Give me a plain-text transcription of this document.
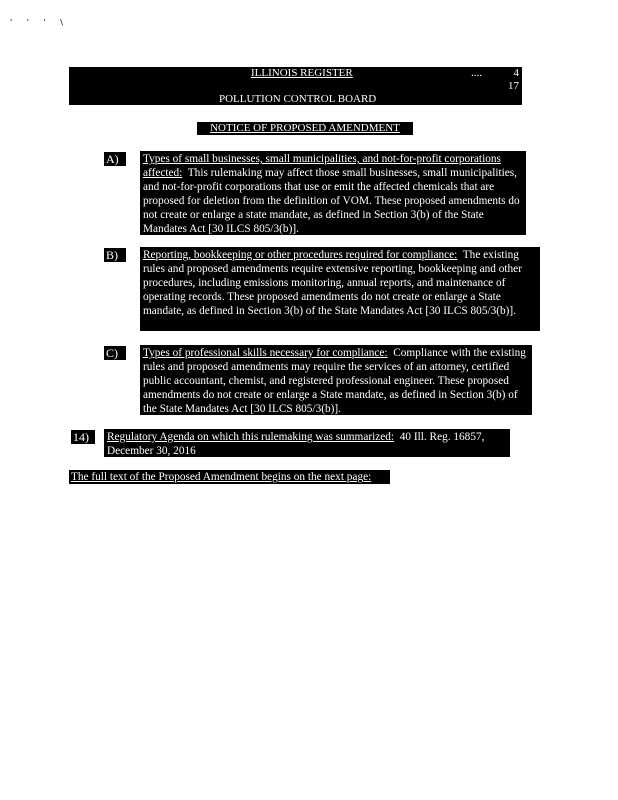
' ' ' \
ILLINOIS REGISTER	....	4
17
POLLUTION CONTROL BOARD
NOTICE OF PROPOSED AMENDMENT
A)	Types of small businesses, small municipalities, and not-for-profit corporations affected: This rulemaking may affect those small businesses, small municipalities, and not-for-profit corporations that use or emit the affected chemicals that are proposed for deletion from the definition of VOM. These proposed amendments do not create or enlarge a state mandate, as defined in Section 3(b) of the State Mandates Act [30 ILCS 805/3(b)].
B)	Reporting, bookkeeping or other procedures required for compliance: The existing rules and proposed amendments require extensive reporting, bookkeeping and other procedures, including emissions monitoring, annual reports, and maintenance of operating records. These proposed amendments do not create or enlarge a State mandate, as defined in Section 3(b) of the State Mandates Act [30 ILCS 805/3(b)].
C)	Types of professional skills necessary for compliance: Compliance with the existing rules and proposed amendments may require the services of an attorney, certified public accountant, chemist, and registered professional engineer. These proposed amendments do not create or enlarge a State mandate, as defined in Section 3(b) of the State Mandates Act [30 ILCS 805/3(b)].
14)	Regulatory Agenda on which this rulemaking was summarized: 40 Ill. Reg. 16857, December 30, 2016
The full text of the Proposed Amendment begins on the next page:
